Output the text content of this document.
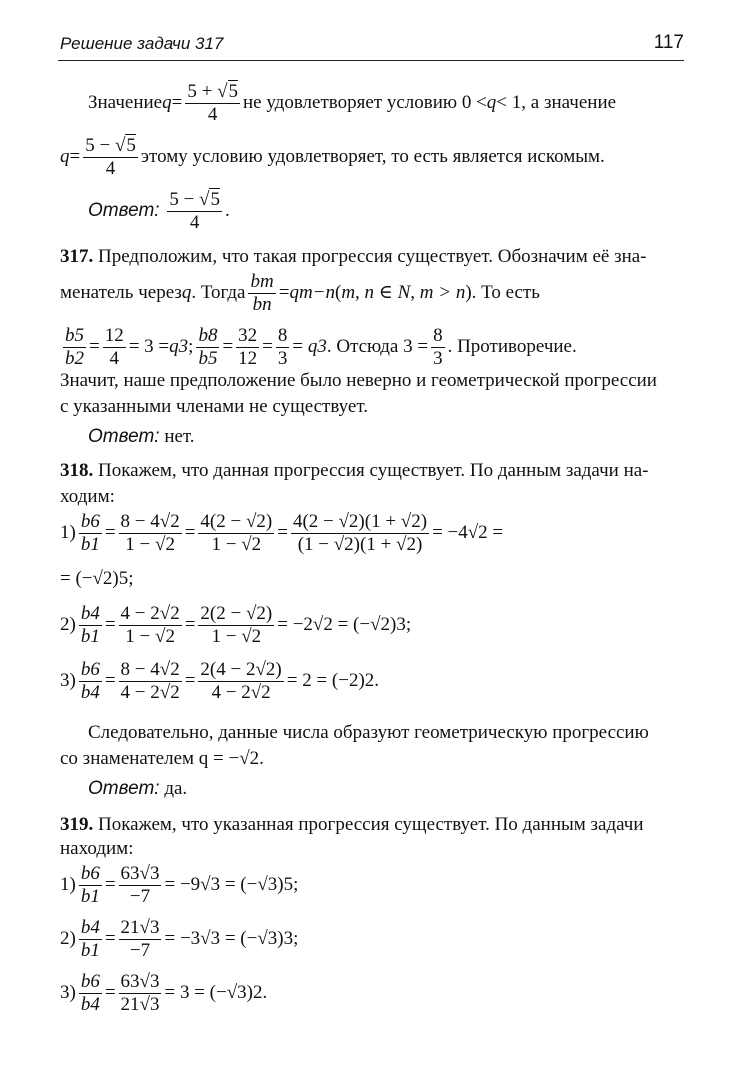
Решение задачи 317	117
Значение $q = \frac{5 + √5}{4}$ не удовлетворяет условию 0 < q < 1, а значение
$q = \frac{5 - √5}{4}$ этому условию удовлетворяет, то есть является искомым.
Ответ:
$\frac{5 - √5}{4}$ .
317. Предположим, что такая прогрессия существует. Обозначим её зна-
менатель через q . Тогда $\frac{bm}{bn} = qm-n$ ( m, n ∈ N, m > n ). То есть
$\frac{b5}{b2} = \frac{12}{4} = 3 = q3$ ; $\frac{b8}{b5} = \frac{32}{12} = \frac{8}{3} = q3$ . Отсюда $3 = \frac{8}{3}$ . Противоречие.
Значит, наше предположение было неверно и геометрической прогрессии
с указанными членами не существует.
Ответ: нет.
318. Покажем, что данная прогрессия существует. По данным задачи на-
ходим:
$1) \frac{b6}{b1} = \frac{8 - 4√2}{1 - √2} = \frac{4(2 - √2)}{1 - √2} = \frac{4(2 - √2)(1 + √2)}{(1 - √2)(1 + √2)} = -4√2$ =
= (−√2)5;
$2) \frac{b4}{b1} = \frac{4 - 2√2}{1 - √2} = \frac{2(2 - √2)}{1 - √2} = -2√2 = (-√2)3$;
$3) \frac{b6}{b4} = \frac{8 - 4√2}{4 - 2√2} = \frac{2(4 - 2√2)}{4 - 2√2} = 2 = (-2)2$.
Следовательно, данные числа образуют геометрическую прогрессию
со знаменателем q = −√2.
Ответ: да.
319. Покажем, что указанная прогрессия существует. По данным задачи
находим:
$1) \frac{b6}{b1} = \frac{63√3}{-7} = -9√3 = (-√3)5$;
$2) \frac{b4}{b1} = \frac{21√3}{-7} = -3√3 = (-√3)3$;
$3) \frac{b6}{b4} = \frac{63√3}{21√3} = 3 = (-√3)2$.
